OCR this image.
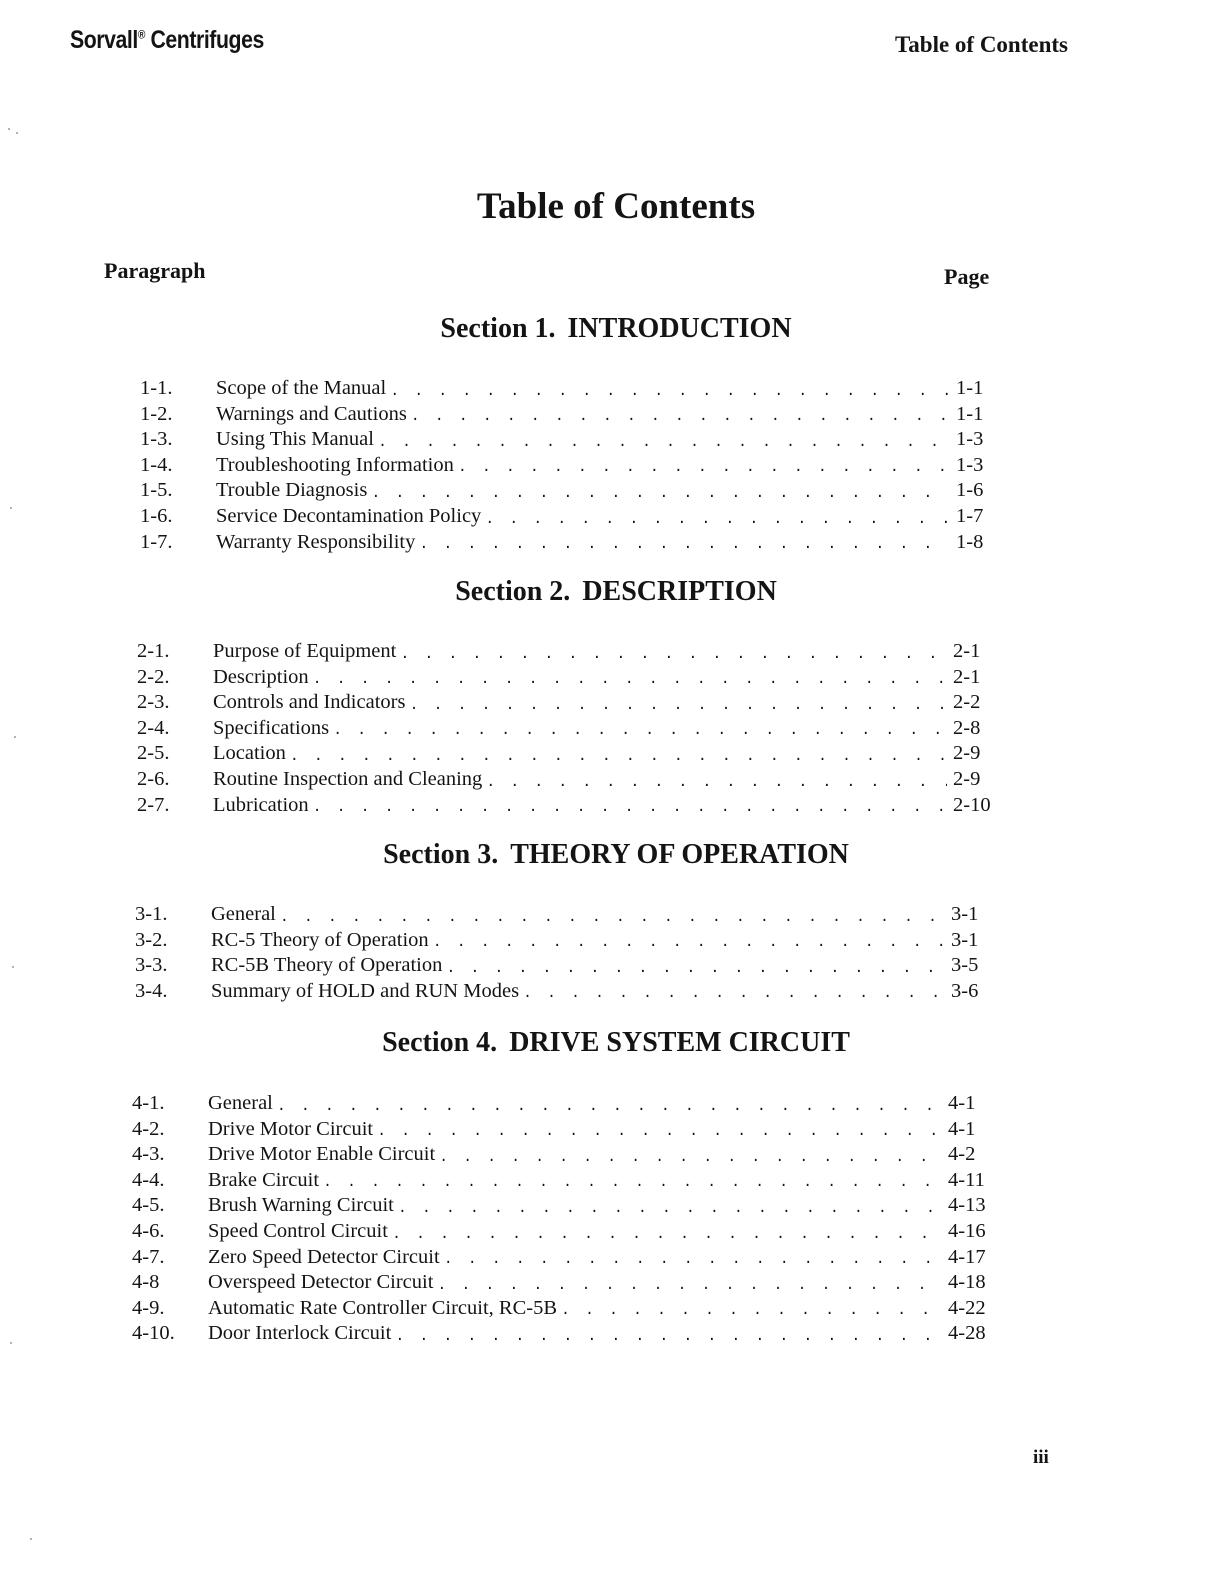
Sorvall® Centrifuges	Table of Contents
Table of Contents
Paragraph	Page
Section 1. INTRODUCTION
1-1.	Scope of the Manual . . .	1-1
1-2.	Warnings and Cautions . . .	1-1
1-3.	Using This Manual . . .	1-3
1-4.	Troubleshooting Information . . .	1-3
1-5.	Trouble Diagnosis . . .	1-6
1-6.	Service Decontamination Policy . . .	1-7
1-7.	Warranty Responsibility . . .	1-8
Section 2. DESCRIPTION
2-1.	Purpose of Equipment . . .	2-1
2-2.	Description . . .	2-1
2-3.	Controls and Indicators . . .	2-2
2-4.	Specifications . . .	2-8
2-5.	Location . . .	2-9
2-6.	Routine Inspection and Cleaning . . .	2-9
2-7.	Lubrication . . .	2-10
Section 3. THEORY OF OPERATION
3-1.	General . . .	3-1
3-2.	RC-5 Theory of Operation . . .	3-1
3-3.	RC-5B Theory of Operation . . .	3-5
3-4.	Summary of HOLD and RUN Modes . . .	3-6
Section 4. DRIVE SYSTEM CIRCUIT
4-1.	General . . .	4-1
4-2.	Drive Motor Circuit . . .	4-1
4-3.	Drive Motor Enable Circuit . . .	4-2
4-4.	Brake Circuit . . .	4-11
4-5.	Brush Warning Circuit . . .	4-13
4-6.	Speed Control Circuit . . .	4-16
4-7.	Zero Speed Detector Circuit . . .	4-17
4-8	Overspeed Detector Circuit . . .	4-18
4-9.	Automatic Rate Controller Circuit, RC-5B . . .	4-22
4-10.	Door Interlock Circuit . . .	4-28
iii
